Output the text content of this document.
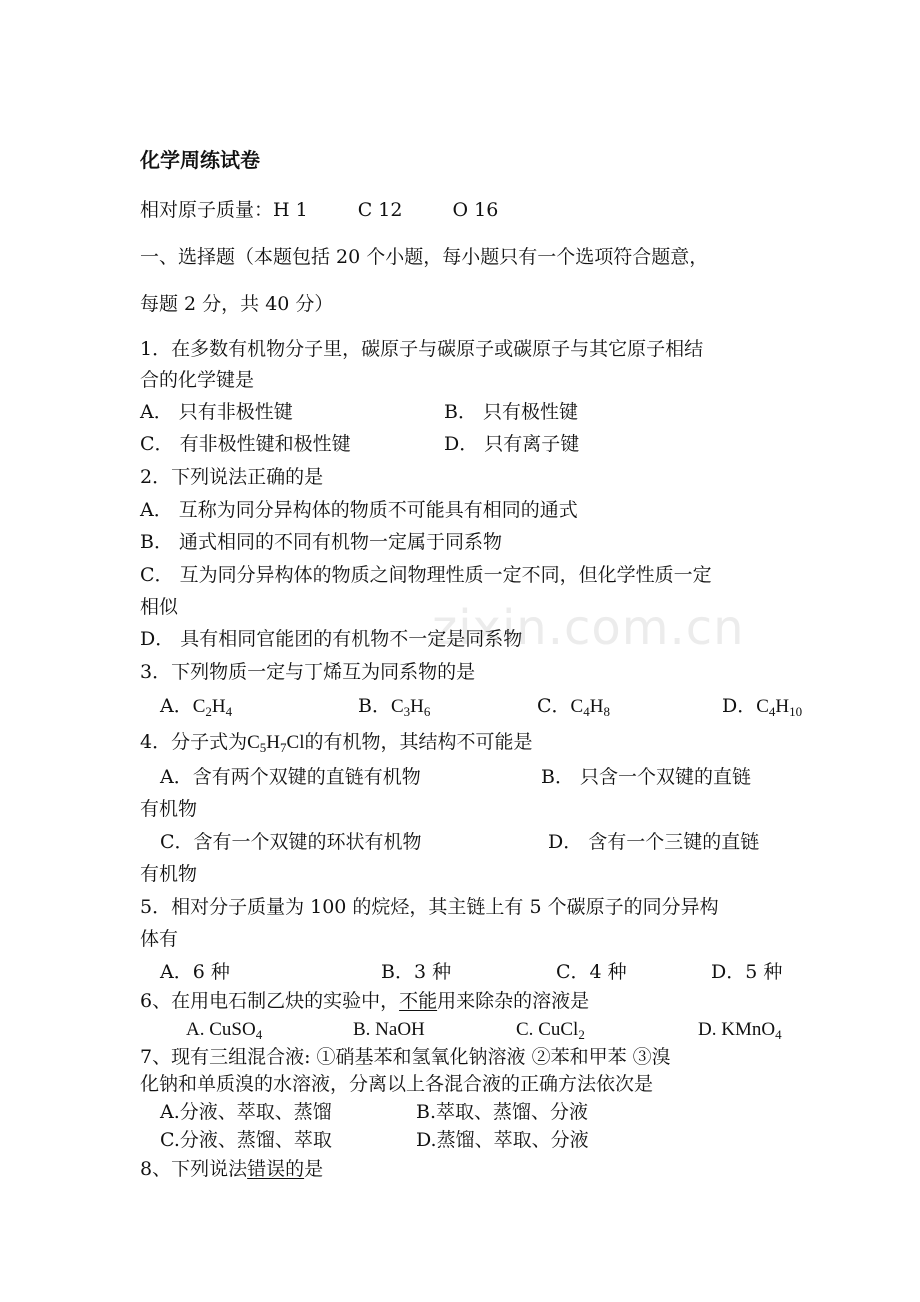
zixin.com.cn
化学周练试卷
相对原子质量：H 1	C 12	O 16
一、选择题（本题包括 20 个小题，每小题只有一个选项符合题意，
每题 2 分，共 40 分）
1．在多数有机物分子里，碳原子与碳原子或碳原子与其它原子相结
合的化学键是
A． 只有非极性键	B． 只有极性键
C． 有非极性键和极性键	D． 只有离子键
2．下列说法正确的是
A． 互称为同分异构体的物质不可能具有相同的通式
B． 通式相同的不同有机物一定属于同系物
C． 互为同分异构体的物质之间物理性质一定不同，但化学性质一定
相似
D． 具有相同官能团的有机物不一定是同系物
3．下列物质一定与丁烯互为同系物的是
A．$C_2H_4$	B．$C_3H_6$	C．$C_4H_8$	D．$C_4H_{10}$
4．分子式为$C_5H_7Cl$的有机物，其结构不可能是
A．含有两个双键的直链有机物	B． 只含一个双键的直链
有机物
C．含有一个双键的环状有机物	D． 含有一个三键的直链
有机物
5．相对分子质量为 100 的烷烃，其主链上有 5 个碳原子的同分异构
体有
A．6 种	B．3 种	C．4 种	D．5 种
6、在用电石制乙炔的实验中，不能用来除杂的溶液是
A. CuSO$_4$	B. NaOH	C. CuCl$_2$	D. KMnO$_4$
7、现有三组混合液: ①硝基苯和氢氧化钠溶液 ②苯和甲苯 ③溴
化钠和单质溴的水溶液，分离以上各混合液的正确方法依次是
A.分液、萃取、蒸馏	B.萃取、蒸馏、分液
C.分液、蒸馏、萃取	D.蒸馏、萃取、分液
8、下列说法错误的是
